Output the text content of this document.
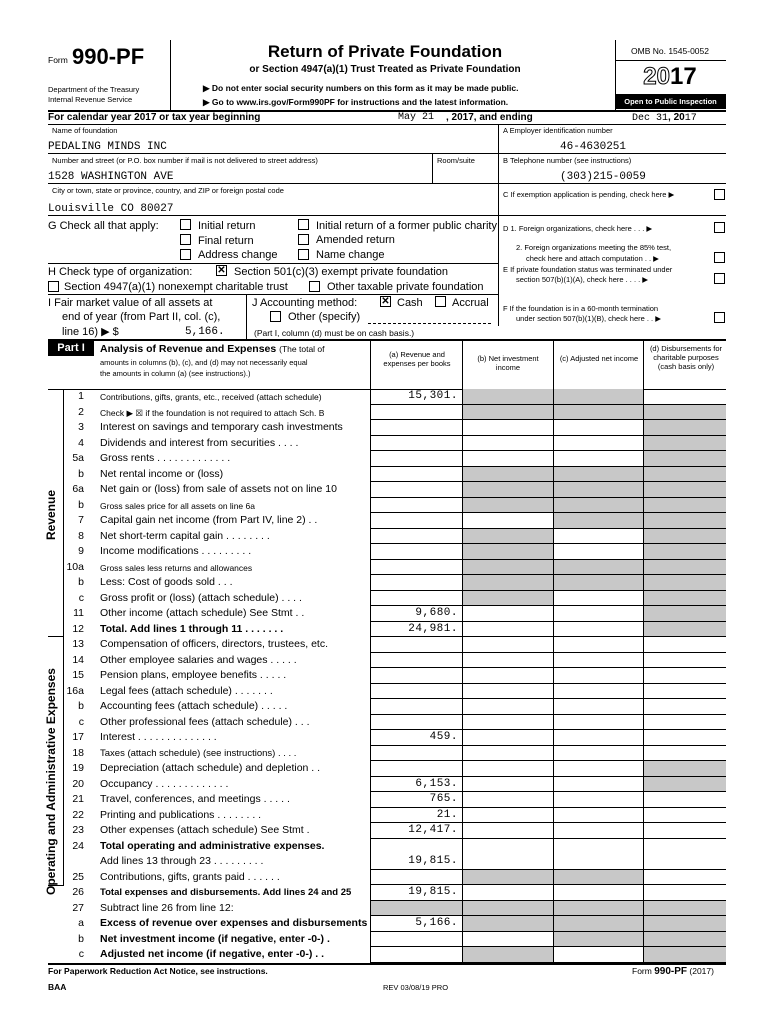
Form 990-PF
Department of the Treasury
Internal Revenue Service
Return of Private Foundation
or Section 4947(a)(1) Trust Treated as Private Foundation
▶ Do not enter social security numbers on this form as it may be made public.
▶ Go to www.irs.gov/Form990PF for instructions and the latest information.
OMB No. 1545-0052
2017
Open to Public Inspection
For calendar year 2017 or tax year beginning	May 21 , 2017, and ending	Dec 31, 2017
Name of foundation
PEDALING MINDS INC
A Employer identification number
46-4630251
Number and street (or P.O. box number if mail is not delivered to street address)	Room/suite
1528 WASHINGTON AVE
B Telephone number (see instructions)
(303)215-0059
City or town, state or province, country, and ZIP or foreign postal code
Louisville CO 80027
C If exemption application is pending, check here ▶
G Check all that apply:	Initial return	Initial return of a former public charity
Final return	Amended return
Address change	Name change
D 1. Foreign organizations, check here . . . ▶
2. Foreign organizations meeting the 85% test,
check here and attach computation . . ▶
E If private foundation status was terminated under
section 507(b)(1)(A), check here . . . . ▶
F If the foundation is in a 60-month termination
under section 507(b)(1)(B), check here . . ▶
H Check type of organization: ✕ Section 501(c)(3) exempt private foundation
Section 4947(a)(1) nonexempt charitable trust	Other taxable private foundation
I Fair market value of all assets at
end of year (from Part II, col. (c),
line 16) ▶ $	5,166.
J Accounting method: ✕ Cash	Accrual
Other (specify)
(Part I, column (d) must be on cash basis.)
Part I	Analysis of Revenue and Expenses (The total of
amounts in columns (b), (c), and (d) may not necessarily equal
the amounts in column (a) (see instructions).)
(a) Revenue and expenses per books
(b) Net investment income
(c) Adjusted net income
(d) Disbursements for charitable purposes (cash basis only)
Revenue
Operating and Administrative Expenses
1 Contributions, gifts, grants, etc., received (attach schedule)	15,301.
2 Check ▶ ☒ if the foundation is not required to attach Sch. B
3 Interest on savings and temporary cash investments
4 Dividends and interest from securities . . . .
5a Gross rents . . . . . . . . . . . . .
b Net rental income or (loss)
6a Net gain or (loss) from sale of assets not on line 10
b Gross sales price for all assets on line 6a
7 Capital gain net income (from Part IV, line 2) . .
8 Net short-term capital gain . . . . . . . .
9 Income modifications . . . . . . . . .
10a Gross sales less returns and allowances
b Less: Cost of goods sold . . .
c Gross profit or (loss) (attach schedule) . . . .
11 Other income (attach schedule) See Stmt . .	9,680.
12 Total. Add lines 1 through 11 . . . . . . .	24,981.
13 Compensation of officers, directors, trustees, etc.
14 Other employee salaries and wages . . . . .
15 Pension plans, employee benefits . . . . .
16a Legal fees (attach schedule) . . . . . . .
b Accounting fees (attach schedule) . . . . .
c Other professional fees (attach schedule) . . .
17 Interest . . . . . . . . . . . . . .	459.
18 Taxes (attach schedule) (see instructions) . . . .
19 Depreciation (attach schedule) and depletion . .
20 Occupancy . . . . . . . . . . . . .	6,153.
21 Travel, conferences, and meetings . . . . .	765.
22 Printing and publications . . . . . . . .	21.
23 Other expenses (attach schedule) See Stmt .	12,417.
24 Total operating and administrative expenses.
Add lines 13 through 23 . . . . . . . . .	19,815.
25 Contributions, gifts, grants paid . . . . . .
26 Total expenses and disbursements. Add lines 24 and 25	19,815.
27 Subtract line 26 from line 12:
a Excess of revenue over expenses and disbursements	5,166.
b Net investment income (if negative, enter -0-) .
c Adjusted net income (if negative, enter -0-) . .
For Paperwork Reduction Act Notice, see instructions.	Form 990-PF (2017)
BAA	REV 03/08/19 PRO
